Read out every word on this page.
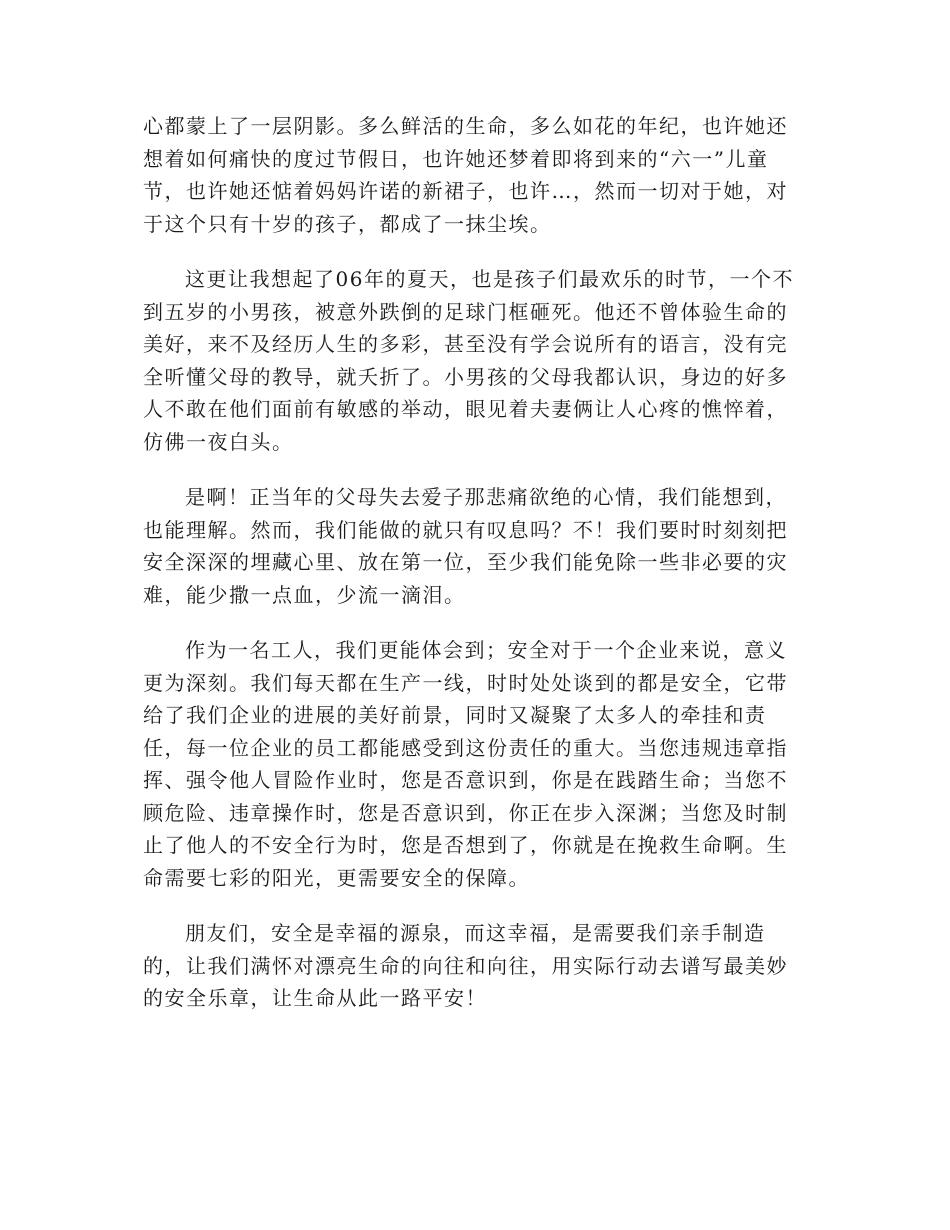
心都蒙上了一层阴影。多么鲜活的生命，多么如花的年纪，也许她还
想着如何痛快的度过节假日，也许她还梦着即将到来的“六一”儿童
节，也许她还惦着妈妈许诺的新裙子，也许…，然而一切对于她，对
于这个只有十岁的孩子，都成了一抹尘埃。
这更让我想起了06年的夏天，也是孩子们最欢乐的时节，一个不
到五岁的小男孩，被意外跌倒的足球门框砸死。他还不曾体验生命的
美好，来不及经历人生的多彩，甚至没有学会说所有的语言，没有完
全听懂父母的教导，就夭折了。小男孩的父母我都认识，身边的好多
人不敢在他们面前有敏感的举动，眼见着夫妻俩让人心疼的憔悴着，
仿佛一夜白头。
是啊！正当年的父母失去爱子那悲痛欲绝的心情，我们能想到，
也能理解。然而，我们能做的就只有叹息吗？不！我们要时时刻刻把
安全深深的埋藏心里、放在第一位，至少我们能免除一些非必要的灾
难，能少撒一点血，少流一滴泪。
作为一名工人，我们更能体会到；安全对于一个企业来说，意义
更为深刻。我们每天都在生产一线，时时处处谈到的都是安全，它带
给了我们企业的进展的美好前景，同时又凝聚了太多人的牵挂和责
任，每一位企业的员工都能感受到这份责任的重大。当您违规违章指
挥、强令他人冒险作业时，您是否意识到，你是在践踏生命；当您不
顾危险、违章操作时，您是否意识到，你正在步入深渊；当您及时制
止了他人的不安全行为时，您是否想到了，你就是在挽救生命啊。生
命需要七彩的阳光，更需要安全的保障。
朋友们，安全是幸福的源泉，而这幸福，是需要我们亲手制造
的，让我们满怀对漂亮生命的向往和向往，用实际行动去谱写最美妙
的安全乐章，让生命从此一路平安！
